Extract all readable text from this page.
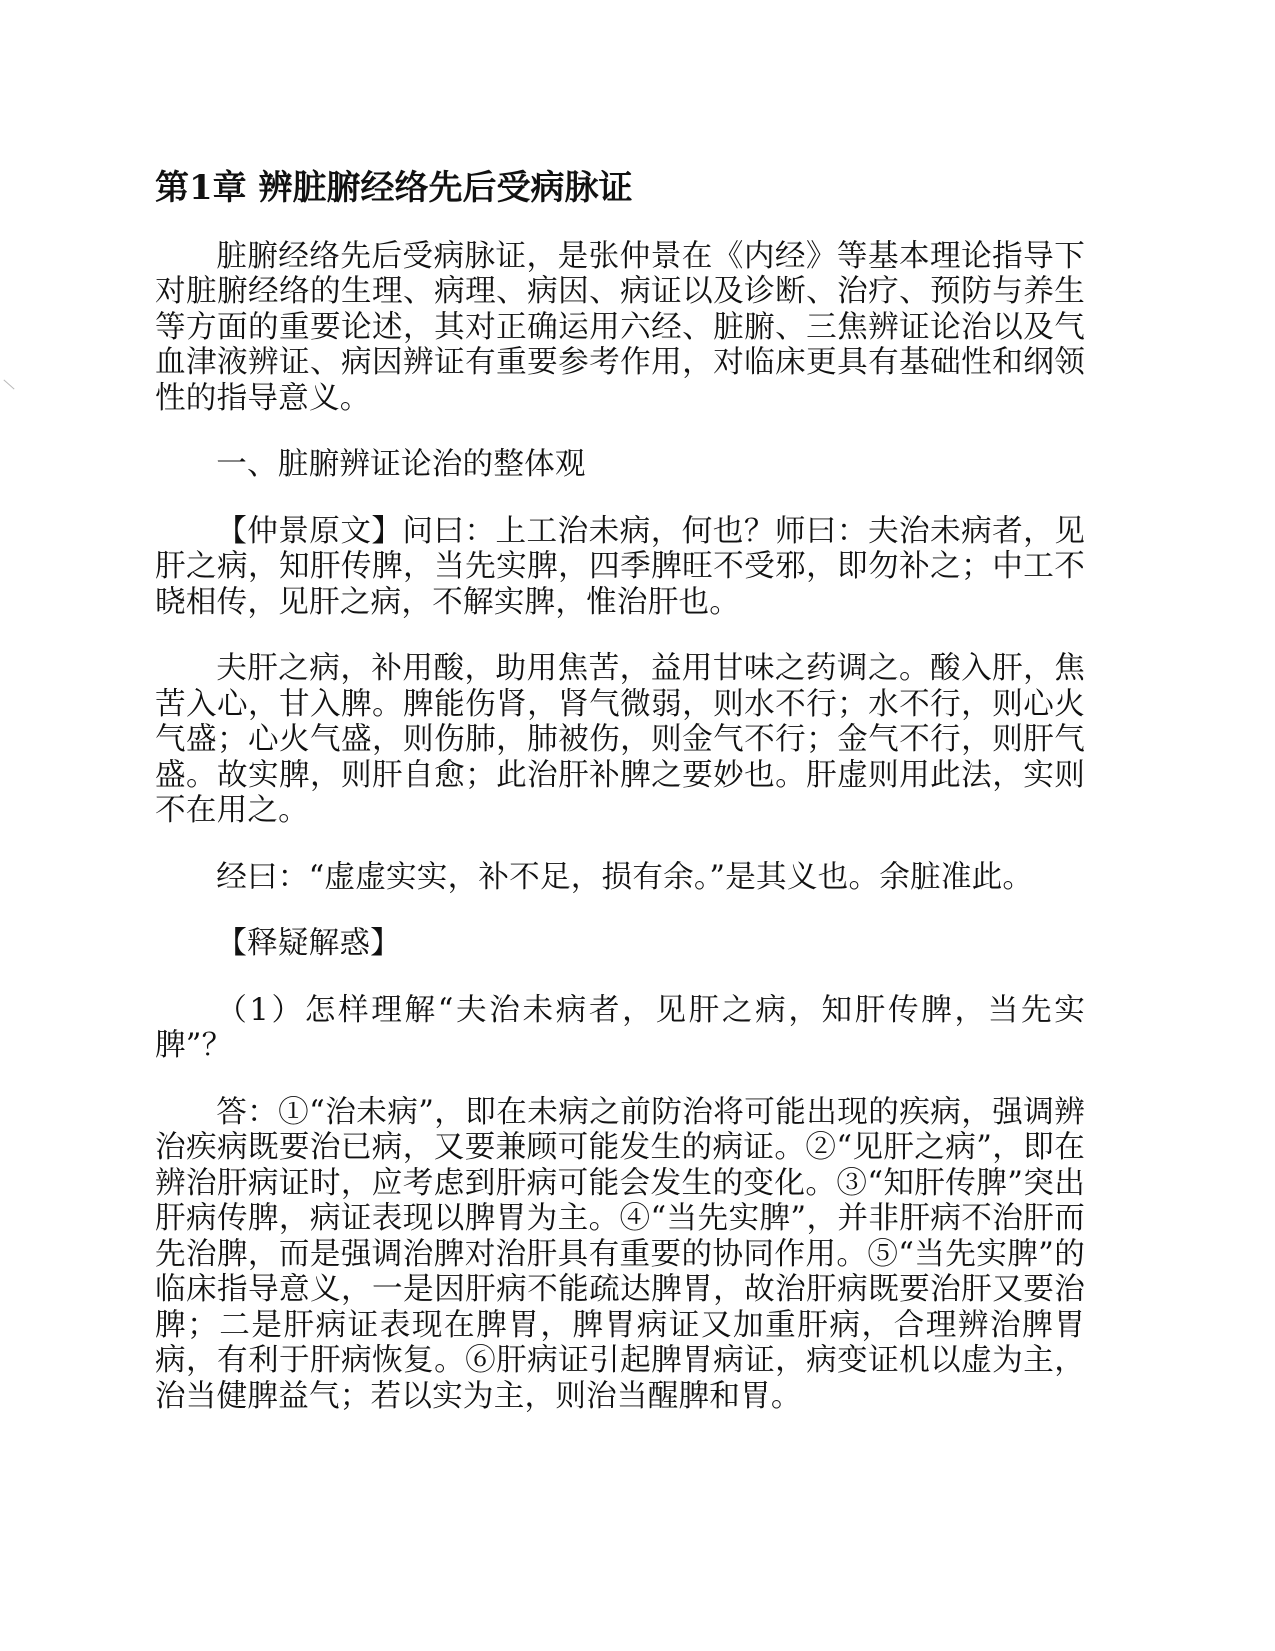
第1章 辨脏腑经络先后受病脉证

脏腑经络先后受病脉证，是张仲景在《内经》等基本理论指导下对脏腑经络的生理、病理、病因、病证以及诊断、治疗、预防与养生等方面的重要论述，其对正确运用六经、脏腑、三焦辨证论治以及气血津液辨证、病因辨证有重要参考作用，对临床更具有基础性和纲领性的指导意义。

一、脏腑辨证论治的整体观

【仲景原文】问曰：上工治未病，何也？师曰：夫治未病者，见肝之病，知肝传脾，当先实脾，四季脾旺不受邪，即勿补之；中工不晓相传，见肝之病，不解实脾，惟治肝也。

夫肝之病，补用酸，助用焦苦，益用甘味之药调之。酸入肝，焦苦入心，甘入脾。脾能伤肾，肾气微弱，则水不行；水不行，则心火气盛；心火气盛，则伤肺，肺被伤，则金气不行；金气不行，则肝气盛。故实脾，则肝自愈；此治肝补脾之要妙也。肝虚则用此法，实则不在用之。

经曰：“虚虚实实，补不足，损有余。”是其义也。余脏准此。

【释疑解惑】

（1）怎样理解“夫治未病者，见肝之病，知肝传脾，当先实脾”？

答：①“治未病”，即在未病之前防治将可能出现的疾病，强调辨治疾病既要治已病，又要兼顾可能发生的病证。②“见肝之病”，即在辨治肝病证时，应考虑到肝病可能会发生的变化。③“知肝传脾”突出肝病传脾，病证表现以脾胃为主。④“当先实脾”，并非肝病不治肝而先治脾，而是强调治脾对治肝具有重要的协同作用。⑤“当先实脾”的临床指导意义，一是因肝病不能疏达脾胃，故治肝病既要治肝又要治脾；二是肝病证表现在脾胃，脾胃病证又加重肝病，合理辨治脾胃病，有利于肝病恢复。⑥肝病证引起脾胃病证，病变证机以虚为主，治当健脾益气；若以实为主，则治当醒脾和胃。
